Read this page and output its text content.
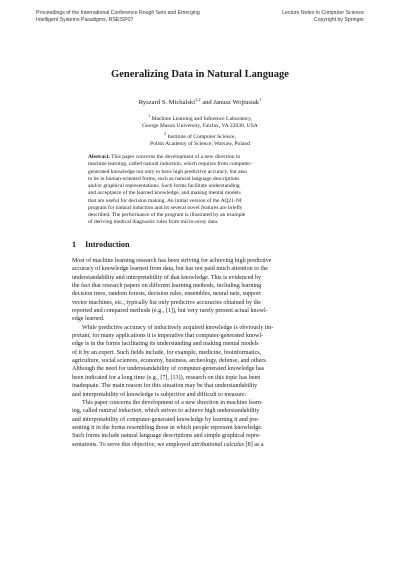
Proceedings of the International Conference Rough Sets and Emerging
Intelligent Systems Paradigms, RSEISP07
Lecture Notes in Computer Science
Copyright by Springer
Generalizing Data in Natural Language
Ryszard S. Michalski$^{1,2}$ and Janusz Wojtusiak$^1$
$^1$ Machine Learning and Inference Laboratory,
George Mason University, Fairfax, VA 22030, USA
$^2$ Institute of Computer Science,
Polish Academy of Science, Warsaw, Poland
Abstract. This paper concerns the development of a new direction in
machine learning, called natural induction, which requires from computer-
generated knowledge not only to have high predictive accuracy, but also
to be in human-oriented forms, such as natural language descriptions
and/or graphical representations. Such forms facilitate understanding
and acceptance of the learned knowledge, and making mental models
that are useful for decision making. An initial version of the AQ21-NI
program for natural induction and its several novel features are briefly
described. The performance of the program is illustrated by an example
of deriving medical diagnostic rules from micro-array data.
1 Introduction
Most of machine learning research has been striving for achieving high predictive
accuracy of knowledge learned from data, but has not paid much attention to the
understandability and interpretability of that knowledge. This is evidenced by
the fact that research papers on different learning methods, including learning
decision trees, random forests, decision rules, ensembles, neural nets, support
vector machines, etc., typically list only predictive accuracies obtained by the
reported and compared methods (e.g., [1]), but very rarely present actual knowl-
edge learned.
While predictive accuracy of inductively acquired knowledge is obviously im-
portant, for many applications it is imperative that computer-generated knowl-
edge is in the forms facilitating its understanding and making mental models
of it by an expert. Such fields include, for example, medicine, bioinformatics,
agriculture, social sciences, economy, business, archeology, defense, and others.
Although the need for understandability of computer-generated knowledge has
been indicated for a long time (e.g., [7], [13]), research on this topic has been
inadequate. The main reason for this situation may be that understandability
and interpretability of knowledge is subjective and difficult to measure.
This paper concerns the development of a new direction in machine learn-
ing, called natural induction, which strives to achieve high understandability
and interpretability of computer-generated knowledge by learning it and pre-
senting it in the forms resembling those in which people represent knowledge.
Such forms include natural language descriptions and simple graphical repre-
sentations. To serve this objective, we employed attributional calculus [8] as a
